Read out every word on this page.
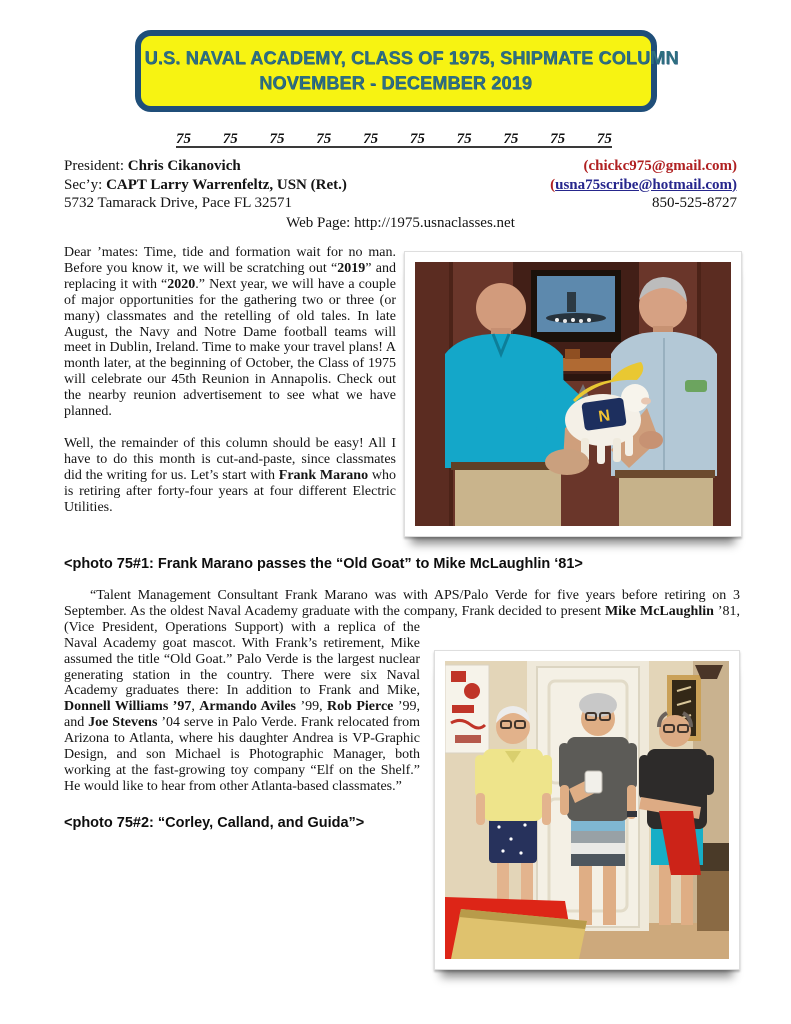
U.S. NAVAL ACADEMY, CLASS OF 1975, SHIPMATE COLUMN
NOVEMBER - DECEMBER 2019
75 75 75 75 75 75 75 75 75 75
President: Chris Cikanovich	(chickc975@gmail.com)
Sec’y: CAPT Larry Warrenfeltz, USN (Ret.)	(usna75scribe@hotmail.com)
5732 Tamarack Drive, Pace FL 32571	850-525-8727
Web Page: http://1975.usnaclasses.net
Dear ’mates: Time, tide and formation wait for no man. Before you know it, we will be scratching out “2019” and replacing it with “2020.” Next year, we will have a couple of major opportunities for the gathering two or three (or many) classmates and the retelling of old tales. In late August, the Navy and Notre Dame football teams will meet in Dublin, Ireland. Time to make your travel plans! A month later, at the beginning of October, the Class of 1975 will celebrate our 45th Reunion in Annapolis. Check out the nearby reunion advertisement to see what we have planned.
Well, the remainder of this column should be easy! All I have to do this month is cut-and-paste, since classmates did the writing for us. Let’s start with Frank Marano who is retiring after forty-four years at four different Electric Utilities.
N
<photo 75#1: Frank Marano passes the “Old Goat” to Mike McLaughlin ‘81>
“Talent Management Consultant Frank Marano was with APS/Palo Verde for five years before retiring on 3 September. As the oldest Naval Academy graduate with the company, Frank decided
to present Mike McLaughlin ’81, (Vice President, Operations Support) with a replica of the Naval Academy goat mascot. With Frank’s retirement, Mike assumed the title “Old Goat.” Palo Verde is the largest nuclear generating station in the country. There were six Naval Academy graduates there: In addition to Frank and Mike, Donnell Williams ’97, Armando Aviles ’99, Rob Pierce ’99, and Joe Stevens ’04 serve in Palo Verde. Frank relocated from Arizona to Atlanta, where his daughter Andrea is VP-Graphic Design, and son Michael is Photographic Manager, both working at the fast-growing toy company “Elf on the Shelf.” He would like to hear from other Atlanta-based classmates.”
<photo 75#2: “Corley, Calland, and Guida”>
